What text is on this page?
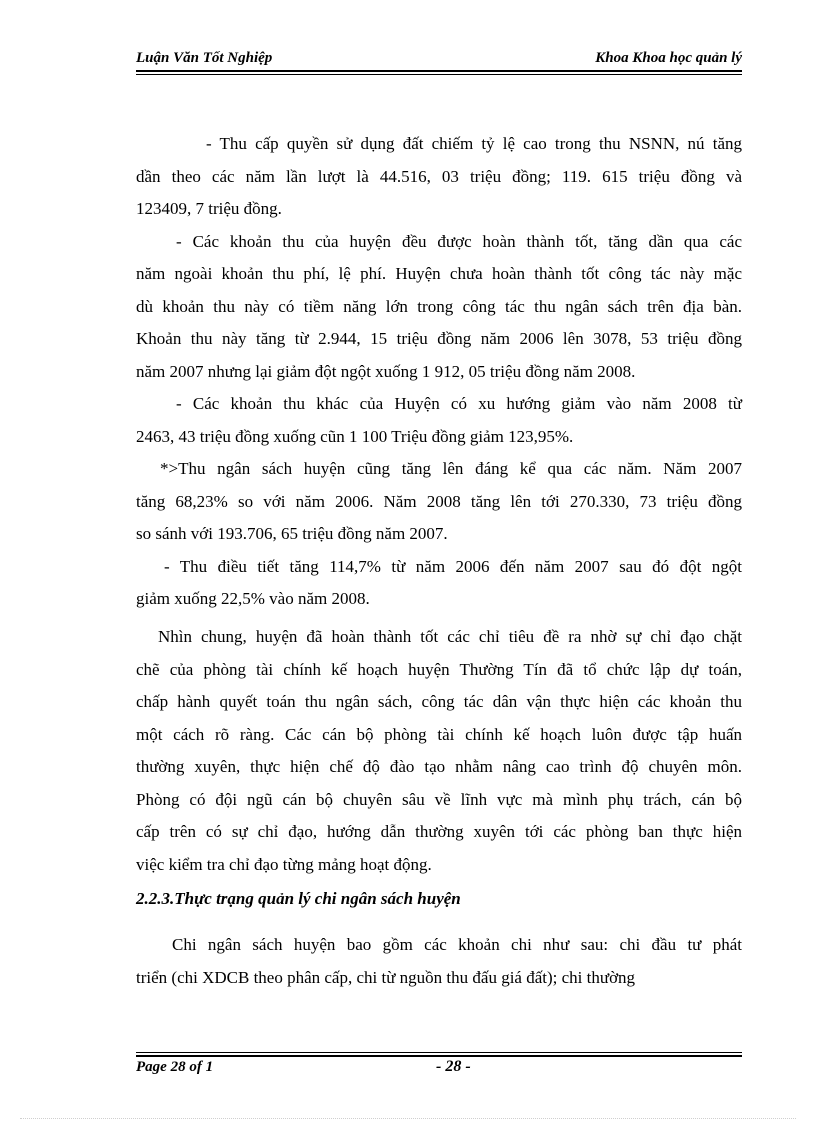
Luận Văn Tốt Nghiệp	Khoa Khoa học quản lý
- Thu cấp quyền sử dụng đất chiếm tỷ lệ cao trong thu NSNN, nú tăng
dần theo các năm lần lượt là 44.516, 03 triệu đồng; 119. 615 triệu đồng và
123409, 7 triệu đồng.
- Các khoản thu của huyện đều được hoàn thành tốt, tăng dần qua các
năm ngoài khoản thu phí, lệ phí. Huyện chưa hoàn thành tốt công tác này mặc
dù khoản thu này có tiềm năng lớn trong công tác thu ngân sách trên địa bàn.
Khoản thu này tăng từ 2.944, 15 triệu đồng năm 2006 lên 3078, 53 triệu đồng
năm 2007 nhưng lại giảm đột ngột xuống 1 912, 05 triệu đồng năm 2008.
- Các khoản thu khác của Huyện có xu hướng giảm vào năm 2008 từ
2463, 43 triệu đồng xuống cũn 1 100 Triệu đồng giảm 123,95%.
*>Thu ngân sách huyện cũng tăng lên đáng kể qua các năm. Năm 2007
tăng 68,23% so với năm 2006. Năm 2008 tăng lên tới 270.330, 73 triệu đồng
so sánh với 193.706, 65 triệu đồng năm 2007.
- Thu điều tiết tăng 114,7% từ năm 2006 đến năm 2007 sau đó đột ngột
giảm xuống 22,5% vào năm 2008.
Nhìn chung, huyện đã hoàn thành tốt các chỉ tiêu đề ra nhờ sự chỉ đạo chặt
chẽ của phòng tài chính kế hoạch huyện Thường Tín đã tổ chức lập dự toán,
chấp hành quyết toán thu ngân sách, công tác dân vận thực hiện các khoản thu
một cách rõ ràng. Các cán bộ phòng tài chính kế hoạch luôn được tập huấn
thường xuyên, thực hiện chế độ đào tạo nhằm nâng cao trình độ chuyên môn.
Phòng có đội ngũ cán bộ chuyên sâu về lĩnh vực mà mình phụ trách, cán bộ
cấp trên có sự chỉ đạo, hướng dẫn thường xuyên tới các phòng ban thực hiện
việc kiểm tra chỉ đạo từng mảng hoạt động.
2.2.3.Thực trạng quản lý chi ngân sách huyện
Chi ngân sách huyện bao gồm các khoản chi như sau: chi đầu tư phát
triển (chi XDCB theo phân cấp, chi từ nguồn thu đấu giá đất); chi thường
Page 28 of 1	- 28 -
